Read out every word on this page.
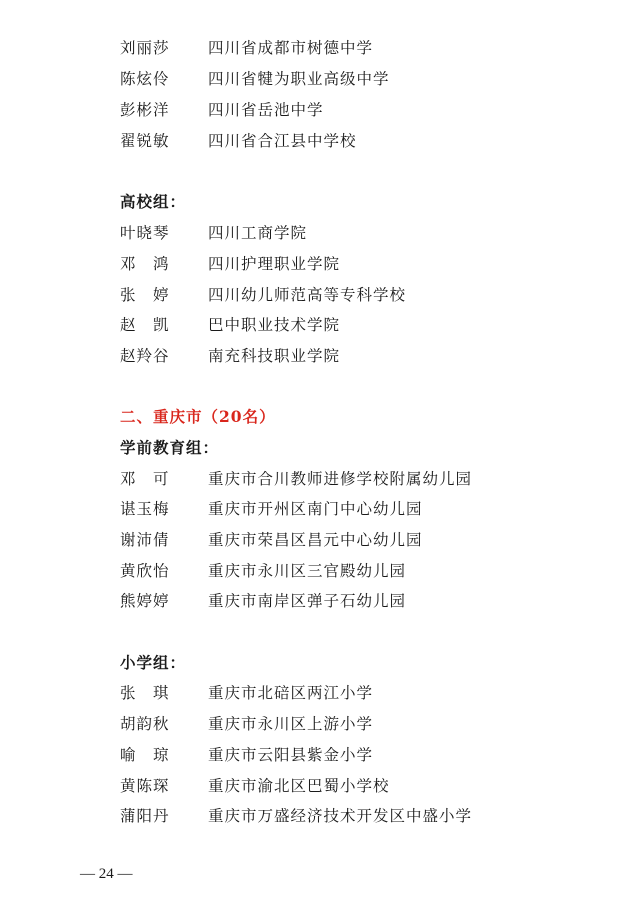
刘丽莎 四川省成都市树德中学
陈炫伶 四川省犍为职业高级中学
彭彬洋 四川省岳池中学
翟锐敏 四川省合江县中学校
高校组：
叶晓琴 四川工商学院
邓　鸿 四川护理职业学院
张　婷 四川幼儿师范高等专科学校
赵　凯 巴中职业技术学院
赵羚谷 南充科技职业学院
二、重庆市（20名）
学前教育组：
邓　可 重庆市合川教师进修学校附属幼儿园
谌玉梅 重庆市开州区南门中心幼儿园
谢沛倩 重庆市荣昌区昌元中心幼儿园
黄欣怡 重庆市永川区三官殿幼儿园
熊婷婷 重庆市南岸区弹子石幼儿园
小学组：
张　琪 重庆市北碚区两江小学
胡韵秋 重庆市永川区上游小学
喻　琼 重庆市云阳县紫金小学
黄陈琛 重庆市渝北区巴蜀小学校
蒲阳丹 重庆市万盛经济技术开发区中盛小学
— 24 —
